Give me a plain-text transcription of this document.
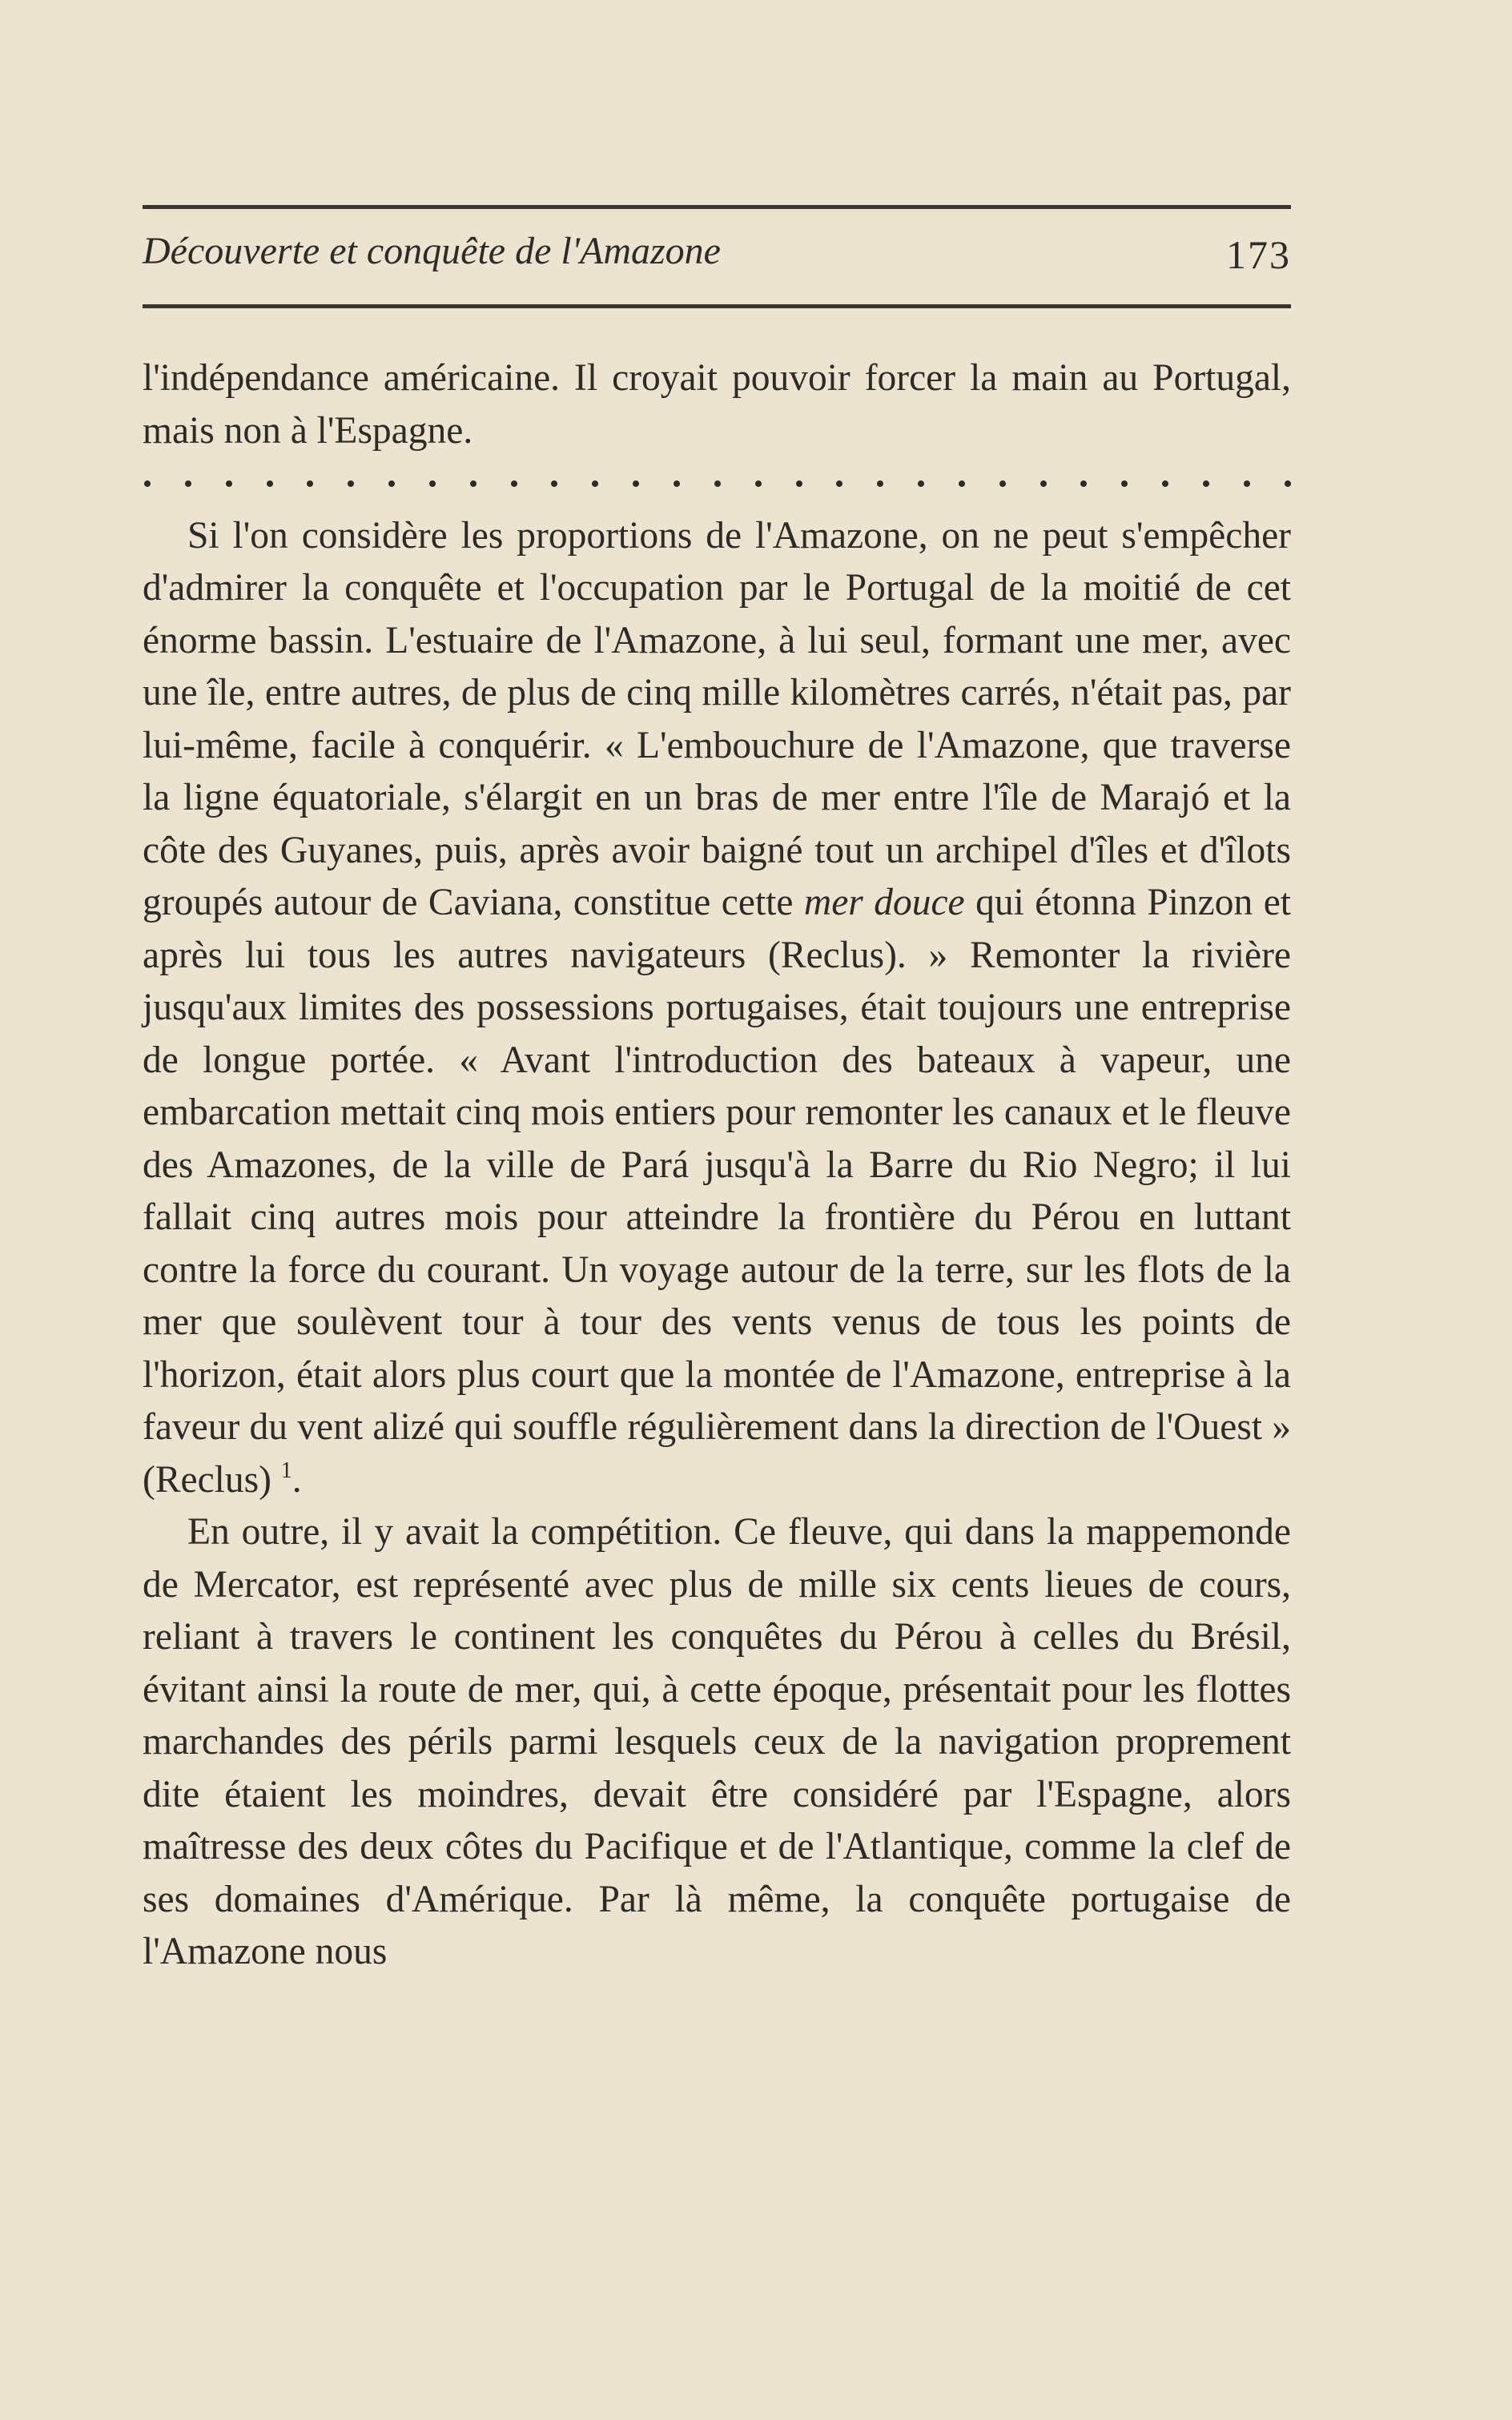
Découverte et conquête de l'Amazone	173

l'indépendance américaine. Il croyait pouvoir forcer la main au Portugal, mais non à l'Espagne.

Si l'on considère les proportions de l'Amazone, on ne peut s'empêcher d'admirer la conquête et l'occupation par le Portugal de la moitié de cet énorme bassin. L'estuaire de l'Amazone, à lui seul, formant une mer, avec une île, entre autres, de plus de cinq mille kilomètres carrés, n'était pas, par lui-même, facile à conquérir. « L'embouchure de l'Amazone, que traverse la ligne équatoriale, s'élargit en un bras de mer entre l'île de Marajó et la côte des Guyanes, puis, après avoir baigné tout un archipel d'îles et d'îlots groupés autour de Caviana, constitue cette mer douce qui étonna Pinzon et après lui tous les autres navigateurs (Reclus). » Remonter la rivière jusqu'aux limites des possessions portugaises, était toujours une entreprise de longue portée. « Avant l'introduction des bateaux à vapeur, une embarcation mettait cinq mois entiers pour remonter les canaux et le fleuve des Amazones, de la ville de Pará jusqu'à la Barre du Rio Negro; il lui fallait cinq autres mois pour atteindre la frontière du Pérou en luttant contre la force du courant. Un voyage autour de la terre, sur les flots de la mer que soulèvent tour à tour des vents venus de tous les points de l'horizon, était alors plus court que la montée de l'Amazone, entreprise à la faveur du vent alizé qui souffle régulièrement dans la direction de l'Ouest » (Reclus) $^1$.

En outre, il y avait la compétition. Ce fleuve, qui dans la mappemonde de Mercator, est représenté avec plus de mille six cents lieues de cours, reliant à travers le continent les conquêtes du Pérou à celles du Brésil, évitant ainsi la route de mer, qui, à cette époque, présentait pour les flottes marchandes des périls parmi lesquels ceux de la navigation proprement dite étaient les moindres, devait être considéré par l'Espagne, alors maîtresse des deux côtes du Pacifique et de l'Atlantique, comme la clef de ses domaines d'Amérique. Par là même, la conquête portugaise de l'Amazone nous
